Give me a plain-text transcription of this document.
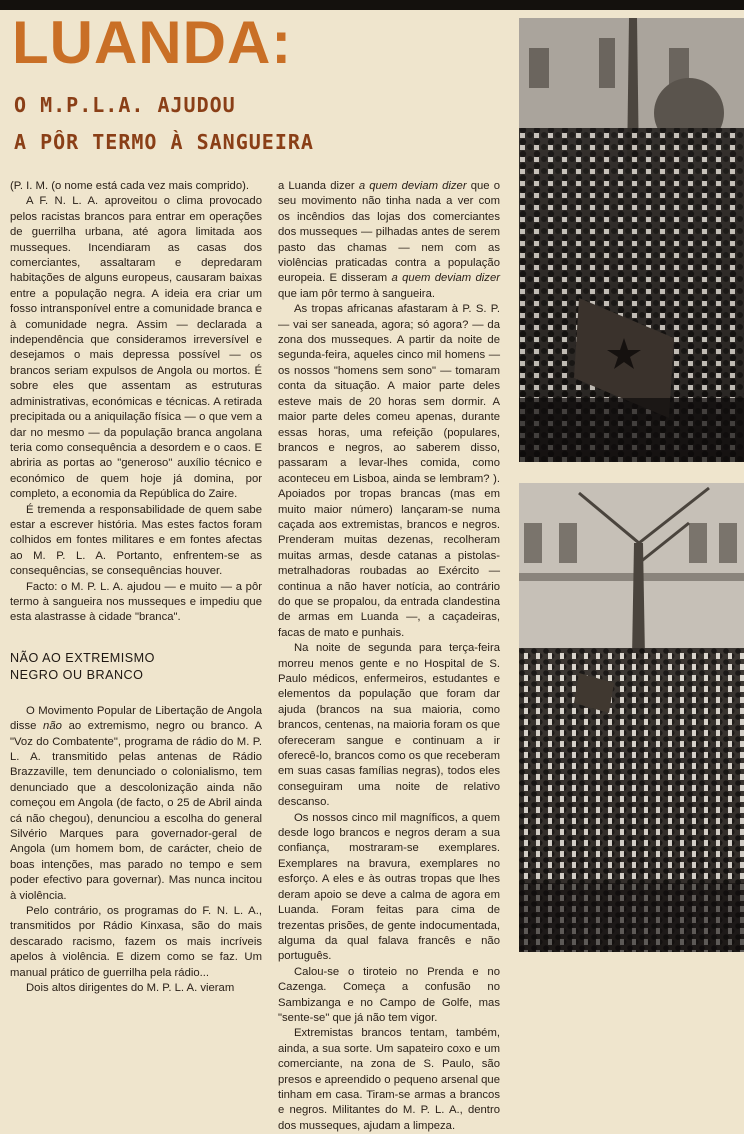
LUANDA:
O M.P.L.A. AJUDOU
A PÔR TERMO À SANGUEIRA

(P. I. M. (o nome está cada vez mais comprido).

A F. N. L. A. aproveitou o clima provocado pelos racistas brancos para entrar em operações de guerrilha urbana, até agora limitada aos musseques. Incendiaram as casas dos comerciantes, assaltaram e depredaram habitações de alguns europeus, causaram baixas entre a população negra. A ideia era criar um fosso intransponível entre a comunidade branca e à comunidade negra. Assim — declarada a independência que consideramos irreversível e desejamos o mais depressa possível — os brancos seriam expulsos de Angola ou mortos. É sobre eles que assentam as estruturas administrativas, económicas e técnicas. A retirada precipitada ou a aniquilação física — o que vem a dar no mesmo — da população branca angolana teria como consequência a desordem e o caos. E abriria as portas ao "generoso" auxílio técnico e económico de quem hoje já domina, por completo, a economia da República do Zaire.

É tremenda a responsabilidade de quem sabe estar a escrever história. Mas estes factos foram colhidos em fontes militares e em fontes afectas ao M. P. L. A. Portanto, enfrentem-se as consequências, se consequências houver.

Facto: o M. P. L. A. ajudou — e muito — a pôr termo à sangueira nos musseques e impediu que esta alastrasse à cidade "branca".

NÃO AO EXTREMISMO
NEGRO OU BRANCO

O Movimento Popular de Libertação de Angola disse não ao extremismo, negro ou branco. A "Voz do Combatente", programa de rádio do M. P. L. A. transmitido pelas antenas de Rádio Brazzaville, tem denunciado o colonialismo, tem denunciado que a descolonização ainda não começou em Angola (de facto, o 25 de Abril ainda cá não chegou), denunciou a escolha do general Silvério Marques para governador-geral de Angola (um homem bom, de carácter, cheio de boas intenções, mas parado no tempo e sem poder efectivo para governar). Mas nunca incitou à violência.

Pelo contrário, os programas do F. N. L. A., transmitidos por Rádio Kinxasa, são do mais descarado racismo, fazem os mais incríveis apelos à violência. E dizem como se faz. Um manual prático de guerrilha pela rádio...

Dois altos dirigentes do M. P. L. A. vieram

a Luanda dizer a quem deviam dizer que o seu movimento não tinha nada a ver com os incêndios das lojas dos comerciantes dos musseques — pilhadas antes de serem pasto das chamas — nem com as violências praticadas contra a população europeia. E disseram a quem deviam dizer que iam pôr termo à sangueira.

As tropas africanas afastaram à P. S. P. — vai ser saneada, agora; só agora? — da zona dos musseques. A partir da noite de segunda-feira, aqueles cinco mil homens — os nossos "homens sem sono" — tomaram conta da situação. A maior parte deles esteve mais de 20 horas sem dormir. A maior parte deles comeu apenas, durante essas horas, uma refeição (populares, brancos e negros, ao saberem disso, passaram a levar-lhes comida, como aconteceu em Lisboa, ainda se lembram? ). Apoiados por tropas brancas (mas em muito maior número) lançaram-se numa caçada aos extremistas, brancos e negros. Prenderam muitas dezenas, recolheram muitas armas, desde catanas a pistolas-metralhadoras roubadas ao Exército — continua a não haver notícia, ao contrário do que se propalou, da entrada clandestina de armas em Luanda —, a caçadeiras, facas de mato e punhais.

Na noite de segunda para terça-feira morreu menos gente e no Hospital de S. Paulo médicos, enfermeiros, estudantes e elementos da população que foram dar ajuda (brancos na sua maioria, como brancos, centenas, na maioria foram os que ofereceram sangue e continuam a ir oferecê-lo, brancos como os que receberam em suas casas famílias negras), todos eles conseguiram uma noite de relativo descanso.

Os nossos cinco mil magníficos, a quem desde logo brancos e negros deram a sua confiança, mostraram-se exemplares. Exemplares na bravura, exemplares no esforço. A eles e às outras tropas que lhes deram apoio se deve a calma de agora em Luanda. Foram feitas para cima de trezentas prisões, de gente indocumentada, alguma da qual falava francês e não português.

Calou-se o tiroteio no Prenda e no Cazenga. Começa a confusão no Sambizanga e no Campo de Golfe, mas "sente-se" que já não tem vigor.

Extremistas brancos tentam, também, ainda, a sua sorte. Um sapateiro coxo e um comerciante, na zona de S. Paulo, são presos e apreendido o pequeno arsenal que tinham em casa. Tiram-se armas a brancos e negros. Militantes do M. P. L. A., dentro dos musseques, ajudam a limpeza.
